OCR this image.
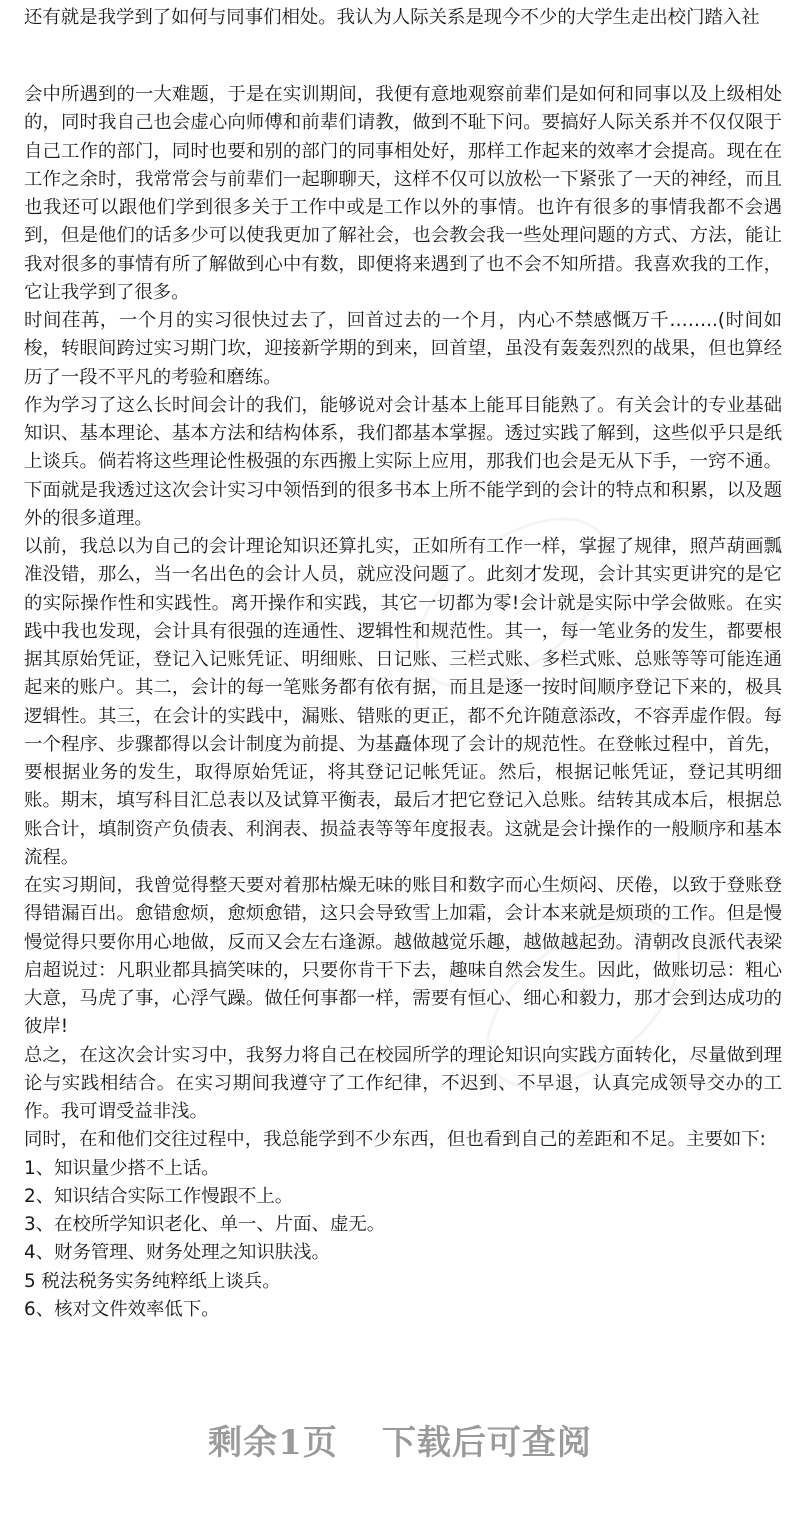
还有就是我学到了如何与同事们相处。我认为人际关系是现今不少的大学生走出校门踏入社

会中所遇到的一大难题，于是在实训期间，我便有意地观察前辈们是如何和同事以及上级相处的，同时我自己也会虚心向师傅和前辈们请教，做到不耻下问。要搞好人际关系并不仅仅限于自己工作的部门，同时也要和别的部门的同事相处好，那样工作起来的效率才会提高。现在在工作之余时，我常常会与前辈们一起聊聊天，这样不仅可以放松一下紧张了一天的神经，而且也我还可以跟他们学到很多关于工作中或是工作以外的事情。也许有很多的事情我都不会遇到，但是他们的话多少可以使我更加了解社会，也会教会我一些处理问题的方式、方法，能让我对很多的事情有所了解做到心中有数，即便将来遇到了也不会不知所措。我喜欢我的工作，它让我学到了很多。

时间荏苒，一个月的实习很快过去了，回首过去的一个月，内心不禁感慨万千……..(时间如梭，转眼间跨过实习期门坎，迎接新学期的到来，回首望，虽没有轰轰烈烈的战果，但也算经历了一段不平凡的考验和磨练。

作为学习了这么长时间会计的我们，能够说对会计基本上能耳目能熟了。有关会计的专业基础知识、基本理论、基本方法和结构体系，我们都基本掌握。透过实践了解到，这些似乎只是纸上谈兵。倘若将这些理论性极强的东西搬上实际上应用，那我们也会是无从下手，一窍不通。下面就是我透过这次会计实习中领悟到的很多书本上所不能学到的会计的特点和积累，以及题外的很多道理。

以前，我总以为自己的会计理论知识还算扎实，正如所有工作一样，掌握了规律，照芦葫画瓢准没错，那么，当一名出色的会计人员，就应没问题了。此刻才发现，会计其实更讲究的是它的实际操作性和实践性。离开操作和实践，其它一切都为零!会计就是实际中学会做账。在实践中我也发现，会计具有很强的连通性、逻辑性和规范性。其一，每一笔业务的发生，都要根据其原始凭证，登记入记账凭证、明细账、日记账、三栏式账、多栏式账、总账等等可能连通起来的账户。其二，会计的每一笔账务都有依有据，而且是逐一按时间顺序登记下来的，极具逻辑性。其三，在会计的实践中，漏账、错账的更正，都不允许随意添改，不容弄虚作假。每一个程序、步骤都得以会计制度为前提、为基矗体现了会计的规范性。在登帐过程中，首先，要根据业务的发生，取得原始凭证，将其登记记帐凭证。然后，根据记帐凭证，登记其明细账。期末，填写科目汇总表以及试算平衡表，最后才把它登记入总账。结转其成本后，根据总账合计，填制资产负债表、利润表、损益表等等年度报表。这就是会计操作的一般顺序和基本流程。

在实习期间，我曾觉得整天要对着那枯燥无味的账目和数字而心生烦闷、厌倦，以致于登账登得错漏百出。愈错愈烦，愈烦愈错，这只会导致雪上加霜，会计本来就是烦琐的工作。但是慢慢觉得只要你用心地做，反而又会左右逢源。越做越觉乐趣，越做越起劲。清朝改良派代表梁启超说过：凡职业都具搞笑味的，只要你肯干下去，趣味自然会发生。因此，做账切忌：粗心大意，马虎了事，心浮气躁。做任何事都一样，需要有恒心、细心和毅力，那才会到达成功的彼岸!

总之，在这次会计实习中，我努力将自己在校园所学的理论知识向实践方面转化，尽量做到理论与实践相结合。在实习期间我遵守了工作纪律，不迟到、不早退，认真完成领导交办的工作。我可谓受益非浅。

同时，在和他们交往过程中，我总能学到不少东西，但也看到自己的差距和不足。主要如下:

1、知识量少搭不上话。

2、知识结合实际工作慢跟不上。

3、在校所学知识老化、单一、片面、虚无。

4、财务管理、财务处理之知识肤浅。

5 税法税务实务纯粹纸上谈兵。

6、核对文件效率低下。

剩余1页 下载后可查阅
